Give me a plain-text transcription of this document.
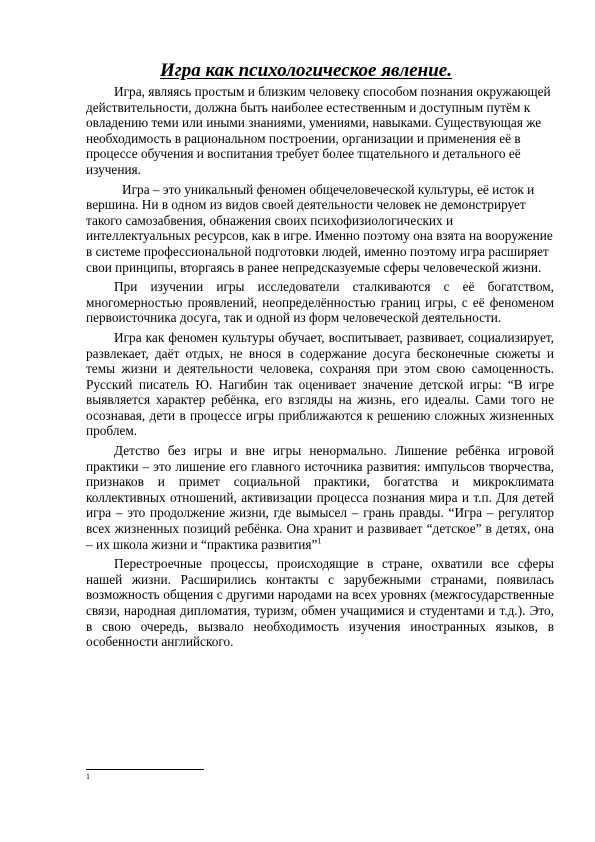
Игра как психологическое явление.

Игра, являясь простым и близким человеку способом познания окружающей действительности, должна быть наиболее естественным и доступным путём к овладению теми или иными знаниями, умениями, навыками. Существующая же необходимость в рациональном построении, организации и применения её в процессе обучения и воспитания требует более тщательного и детального её изучения.

Игра – это уникальный феномен общечеловеческой культуры, её исток и вершина. Ни в одном из видов своей деятельности человек не демонстрирует такого самозабвения, обнажения своих психофизиологических и интеллектуальных ресурсов, как в игре. Именно поэтому она взята на вооружение в системе профессиональной подготовки людей, именно поэтому игра расширяет свои принципы, вторгаясь в ранее непредсказуемые сферы человеческой жизни.

При изучении игры исследователи сталкиваются с её богатством, многомерностью проявлений, неопределённостью границ игры, с её феноменом первоисточника досуга, так и одной из форм человеческой деятельности.

Игра как феномен культуры обучает, воспитывает, развивает, социализирует, развлекает, даёт отдых, не внося в содержание досуга бесконечные сюжеты и темы жизни и деятельности человека, сохраняя при этом свою самоценность. Русский писатель Ю. Нагибин так оценивает значение детской игры: “В игре выявляется характер ребёнка, его взгляды на жизнь, его идеалы. Сами того не осознавая, дети в процессе игры приближаются к решению сложных жизненных проблем.

Детство без игры и вне игры ненормально. Лишение ребёнка игровой практики – это лишение его главного источника развития: импульсов творчества, признаков и примет социальной практики, богатства и микроклимата коллективных отношений, активизации процесса познания мира и т.п. Для детей игра – это продолжение жизни, где вымысел – грань правды. “Игра – регулятор всех жизненных позиций ребёнка. Она хранит и развивает “детское” в детях, она – их школа жизни и “практика развития”$^1$

Перестроечные процессы, происходящие в стране, охватили все сферы нашей жизни. Расширились контакты с зарубежными странами, появилась возможность общения с другими народами на всех уровнях (межгосударственные связи, народная дипломатия, туризм, обмен учащимися и студентами и т.д.). Это, в свою очередь, вызвало необходимость изучения иностранных языков, в особенности английского.

1
